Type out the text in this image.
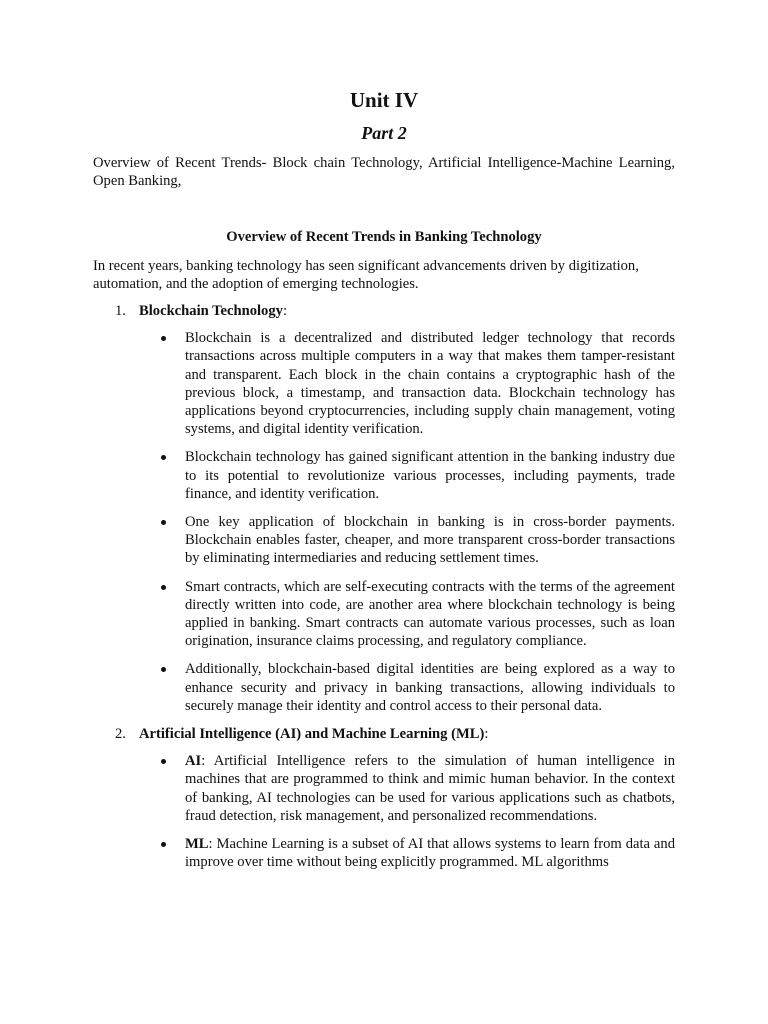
Unit IV
Part 2

Overview of Recent Trends- Block chain Technology, Artificial Intelligence-Machine Learning, Open Banking,

Overview of Recent Trends in Banking Technology

In recent years, banking technology has seen significant advancements driven by digitization, automation, and the adoption of emerging technologies.

1. Blockchain Technology:
Blockchain is a decentralized and distributed ledger technology that records transactions across multiple computers in a way that makes them tamper-resistant and transparent. Each block in the chain contains a cryptographic hash of the previous block, a timestamp, and transaction data. Blockchain technology has applications beyond cryptocurrencies, including supply chain management, voting systems, and digital identity verification.
Blockchain technology has gained significant attention in the banking industry due to its potential to revolutionize various processes, including payments, trade finance, and identity verification.
One key application of blockchain in banking is in cross-border payments. Blockchain enables faster, cheaper, and more transparent cross-border transactions by eliminating intermediaries and reducing settlement times.
Smart contracts, which are self-executing contracts with the terms of the agreement directly written into code, are another area where blockchain technology is being applied in banking. Smart contracts can automate various processes, such as loan origination, insurance claims processing, and regulatory compliance.
Additionally, blockchain-based digital identities are being explored as a way to enhance security and privacy in banking transactions, allowing individuals to securely manage their identity and control access to their personal data.
2. Artificial Intelligence (AI) and Machine Learning (ML):
AI: Artificial Intelligence refers to the simulation of human intelligence in machines that are programmed to think and mimic human behavior. In the context of banking, AI technologies can be used for various applications such as chatbots, fraud detection, risk management, and personalized recommendations.
ML: Machine Learning is a subset of AI that allows systems to learn from data and improve over time without being explicitly programmed. ML algorithms
